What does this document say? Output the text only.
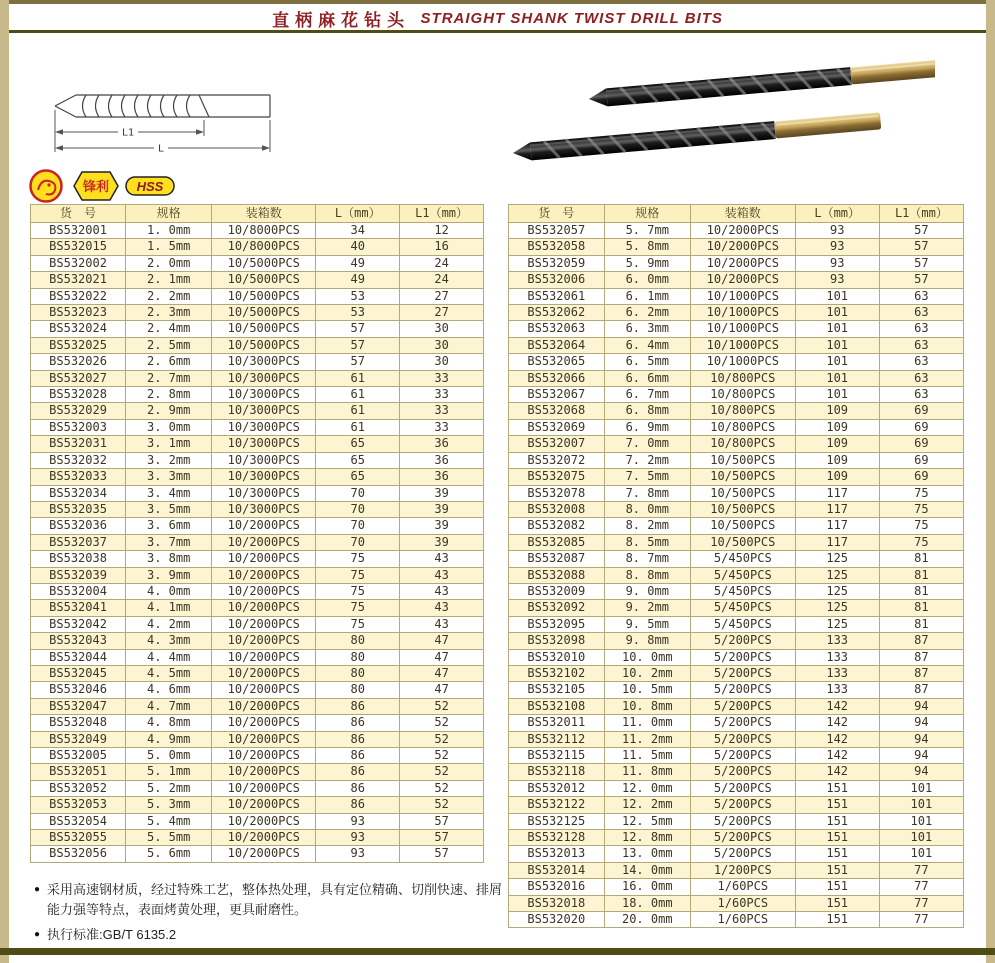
直柄麻花钻头 STRAIGHT SHANK TWIST DRILL BITS
L1
L
锋利 HSS
货　号	规格	装箱数	L（mm）	L1（mm）
BS532001	1. 0mm	10/8000PCS	34	12
BS532015	1. 5mm	10/8000PCS	40	16
BS532002	2. 0mm	10/5000PCS	49	24
BS532021	2. 1mm	10/5000PCS	49	24
BS532022	2. 2mm	10/5000PCS	53	27
BS532023	2. 3mm	10/5000PCS	53	27
BS532024	2. 4mm	10/5000PCS	57	30
BS532025	2. 5mm	10/5000PCS	57	30
BS532026	2. 6mm	10/3000PCS	57	30
BS532027	2. 7mm	10/3000PCS	61	33
BS532028	2. 8mm	10/3000PCS	61	33
BS532029	2. 9mm	10/3000PCS	61	33
BS532003	3. 0mm	10/3000PCS	61	33
BS532031	3. 1mm	10/3000PCS	65	36
BS532032	3. 2mm	10/3000PCS	65	36
BS532033	3. 3mm	10/3000PCS	65	36
BS532034	3. 4mm	10/3000PCS	70	39
BS532035	3. 5mm	10/3000PCS	70	39
BS532036	3. 6mm	10/2000PCS	70	39
BS532037	3. 7mm	10/2000PCS	70	39
BS532038	3. 8mm	10/2000PCS	75	43
BS532039	3. 9mm	10/2000PCS	75	43
BS532004	4. 0mm	10/2000PCS	75	43
BS532041	4. 1mm	10/2000PCS	75	43
BS532042	4. 2mm	10/2000PCS	75	43
BS532043	4. 3mm	10/2000PCS	80	47
BS532044	4. 4mm	10/2000PCS	80	47
BS532045	4. 5mm	10/2000PCS	80	47
BS532046	4. 6mm	10/2000PCS	80	47
BS532047	4. 7mm	10/2000PCS	86	52
BS532048	4. 8mm	10/2000PCS	86	52
BS532049	4. 9mm	10/2000PCS	86	52
BS532005	5. 0mm	10/2000PCS	86	52
BS532051	5. 1mm	10/2000PCS	86	52
BS532052	5. 2mm	10/2000PCS	86	52
BS532053	5. 3mm	10/2000PCS	86	52
BS532054	5. 4mm	10/2000PCS	93	57
BS532055	5. 5mm	10/2000PCS	93	57
BS532056	5. 6mm	10/2000PCS	93	57
货　号	规格	装箱数	L（mm）	L1（mm）
BS532057	5. 7mm	10/2000PCS	93	57
BS532058	5. 8mm	10/2000PCS	93	57
BS532059	5. 9mm	10/2000PCS	93	57
BS532006	6. 0mm	10/2000PCS	93	57
BS532061	6. 1mm	10/1000PCS	101	63
BS532062	6. 2mm	10/1000PCS	101	63
BS532063	6. 3mm	10/1000PCS	101	63
BS532064	6. 4mm	10/1000PCS	101	63
BS532065	6. 5mm	10/1000PCS	101	63
BS532066	6. 6mm	10/800PCS	101	63
BS532067	6. 7mm	10/800PCS	101	63
BS532068	6. 8mm	10/800PCS	109	69
BS532069	6. 9mm	10/800PCS	109	69
BS532007	7. 0mm	10/800PCS	109	69
BS532072	7. 2mm	10/500PCS	109	69
BS532075	7. 5mm	10/500PCS	109	69
BS532078	7. 8mm	10/500PCS	117	75
BS532008	8. 0mm	10/500PCS	117	75
BS532082	8. 2mm	10/500PCS	117	75
BS532085	8. 5mm	10/500PCS	117	75
BS532087	8. 7mm	5/450PCS	125	81
BS532088	8. 8mm	5/450PCS	125	81
BS532009	9. 0mm	5/450PCS	125	81
BS532092	9. 2mm	5/450PCS	125	81
BS532095	9. 5mm	5/450PCS	125	81
BS532098	9. 8mm	5/200PCS	133	87
BS532010	10. 0mm	5/200PCS	133	87
BS532102	10. 2mm	5/200PCS	133	87
BS532105	10. 5mm	5/200PCS	133	87
BS532108	10. 8mm	5/200PCS	142	94
BS532011	11. 0mm	5/200PCS	142	94
BS532112	11. 2mm	5/200PCS	142	94
BS532115	11. 5mm	5/200PCS	142	94
BS532118	11. 8mm	5/200PCS	142	94
BS532012	12. 0mm	5/200PCS	151	101
BS532122	12. 2mm	5/200PCS	151	101
BS532125	12. 5mm	5/200PCS	151	101
BS532128	12. 8mm	5/200PCS	151	101
BS532013	13. 0mm	5/200PCS	151	101
BS532014	14. 0mm	1/200PCS	151	77
BS532016	16. 0mm	1/60PCS	151	77
BS532018	18. 0mm	1/60PCS	151	77
BS532020	20. 0mm	1/60PCS	151	77
● 采用高速钢材质，经过特殊工艺，整体热处理，具有定位精确、切削快速、排屑能力强等特点，表面烤黄处理，更具耐磨性。
● 执行标准:GB/T 6135.2
